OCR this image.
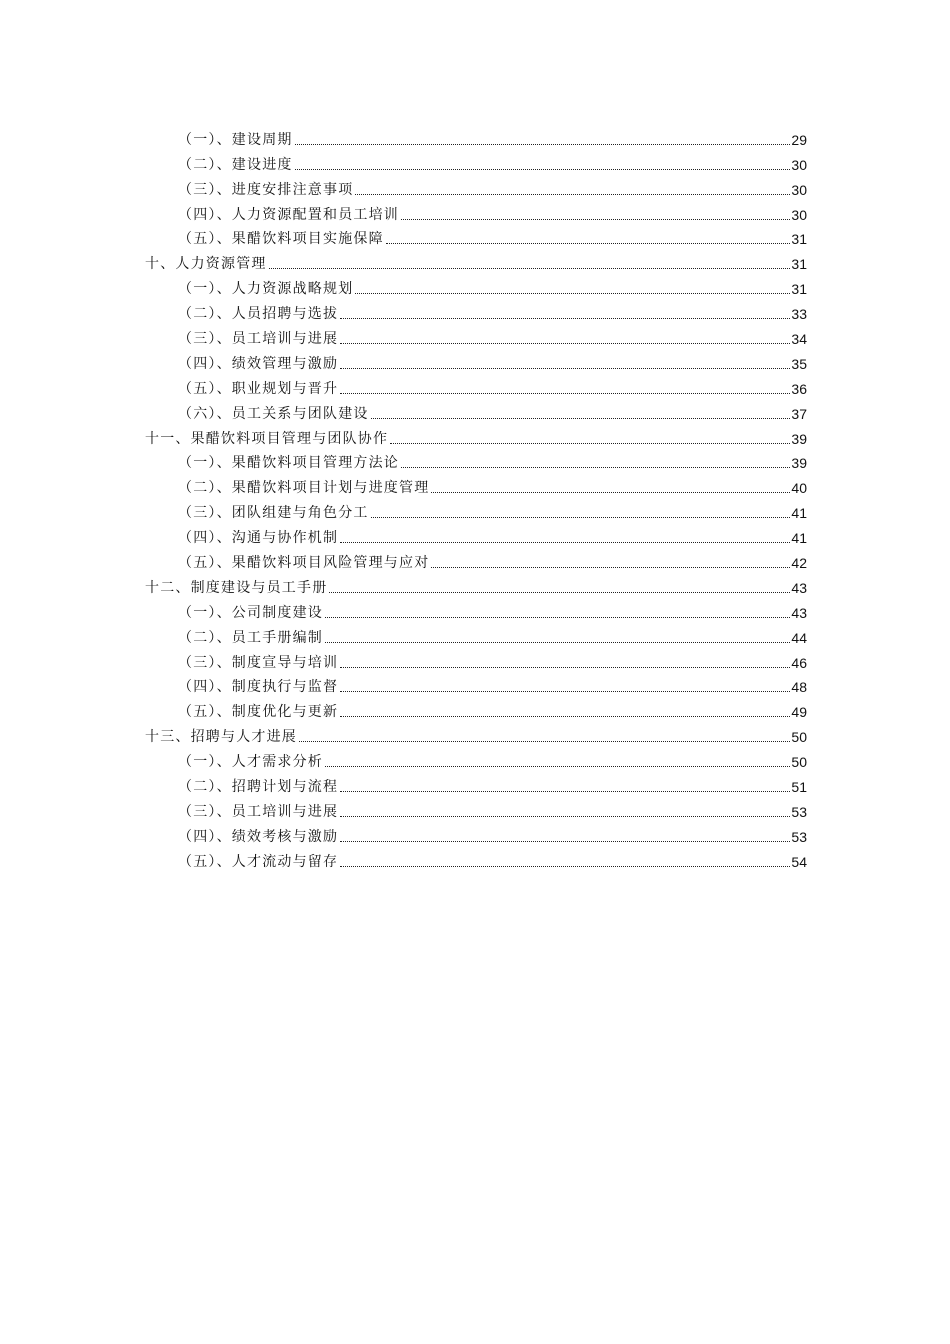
（一）、建设周期	29
（二）、建设进度	30
（三）、进度安排注意事项	30
（四）、人力资源配置和员工培训	30
（五）、果醋饮料项目实施保障	31
十、人力资源管理	31
（一）、人力资源战略规划	31
（二）、人员招聘与选拔	33
（三）、员工培训与进展	34
（四）、绩效管理与激励	35
（五）、职业规划与晋升	36
（六）、员工关系与团队建设	37
十一、果醋饮料项目管理与团队协作	39
（一）、果醋饮料项目管理方法论	39
（二）、果醋饮料项目计划与进度管理	40
（三）、团队组建与角色分工	41
（四）、沟通与协作机制	41
（五）、果醋饮料项目风险管理与应对	42
十二、制度建设与员工手册	43
（一）、公司制度建设	43
（二）、员工手册编制	44
（三）、制度宣导与培训	46
（四）、制度执行与监督	48
（五）、制度优化与更新	49
十三、招聘与人才进展	50
（一）、人才需求分析	50
（二）、招聘计划与流程	51
（三）、员工培训与进展	53
（四）、绩效考核与激励	53
（五）、人才流动与留存	54
